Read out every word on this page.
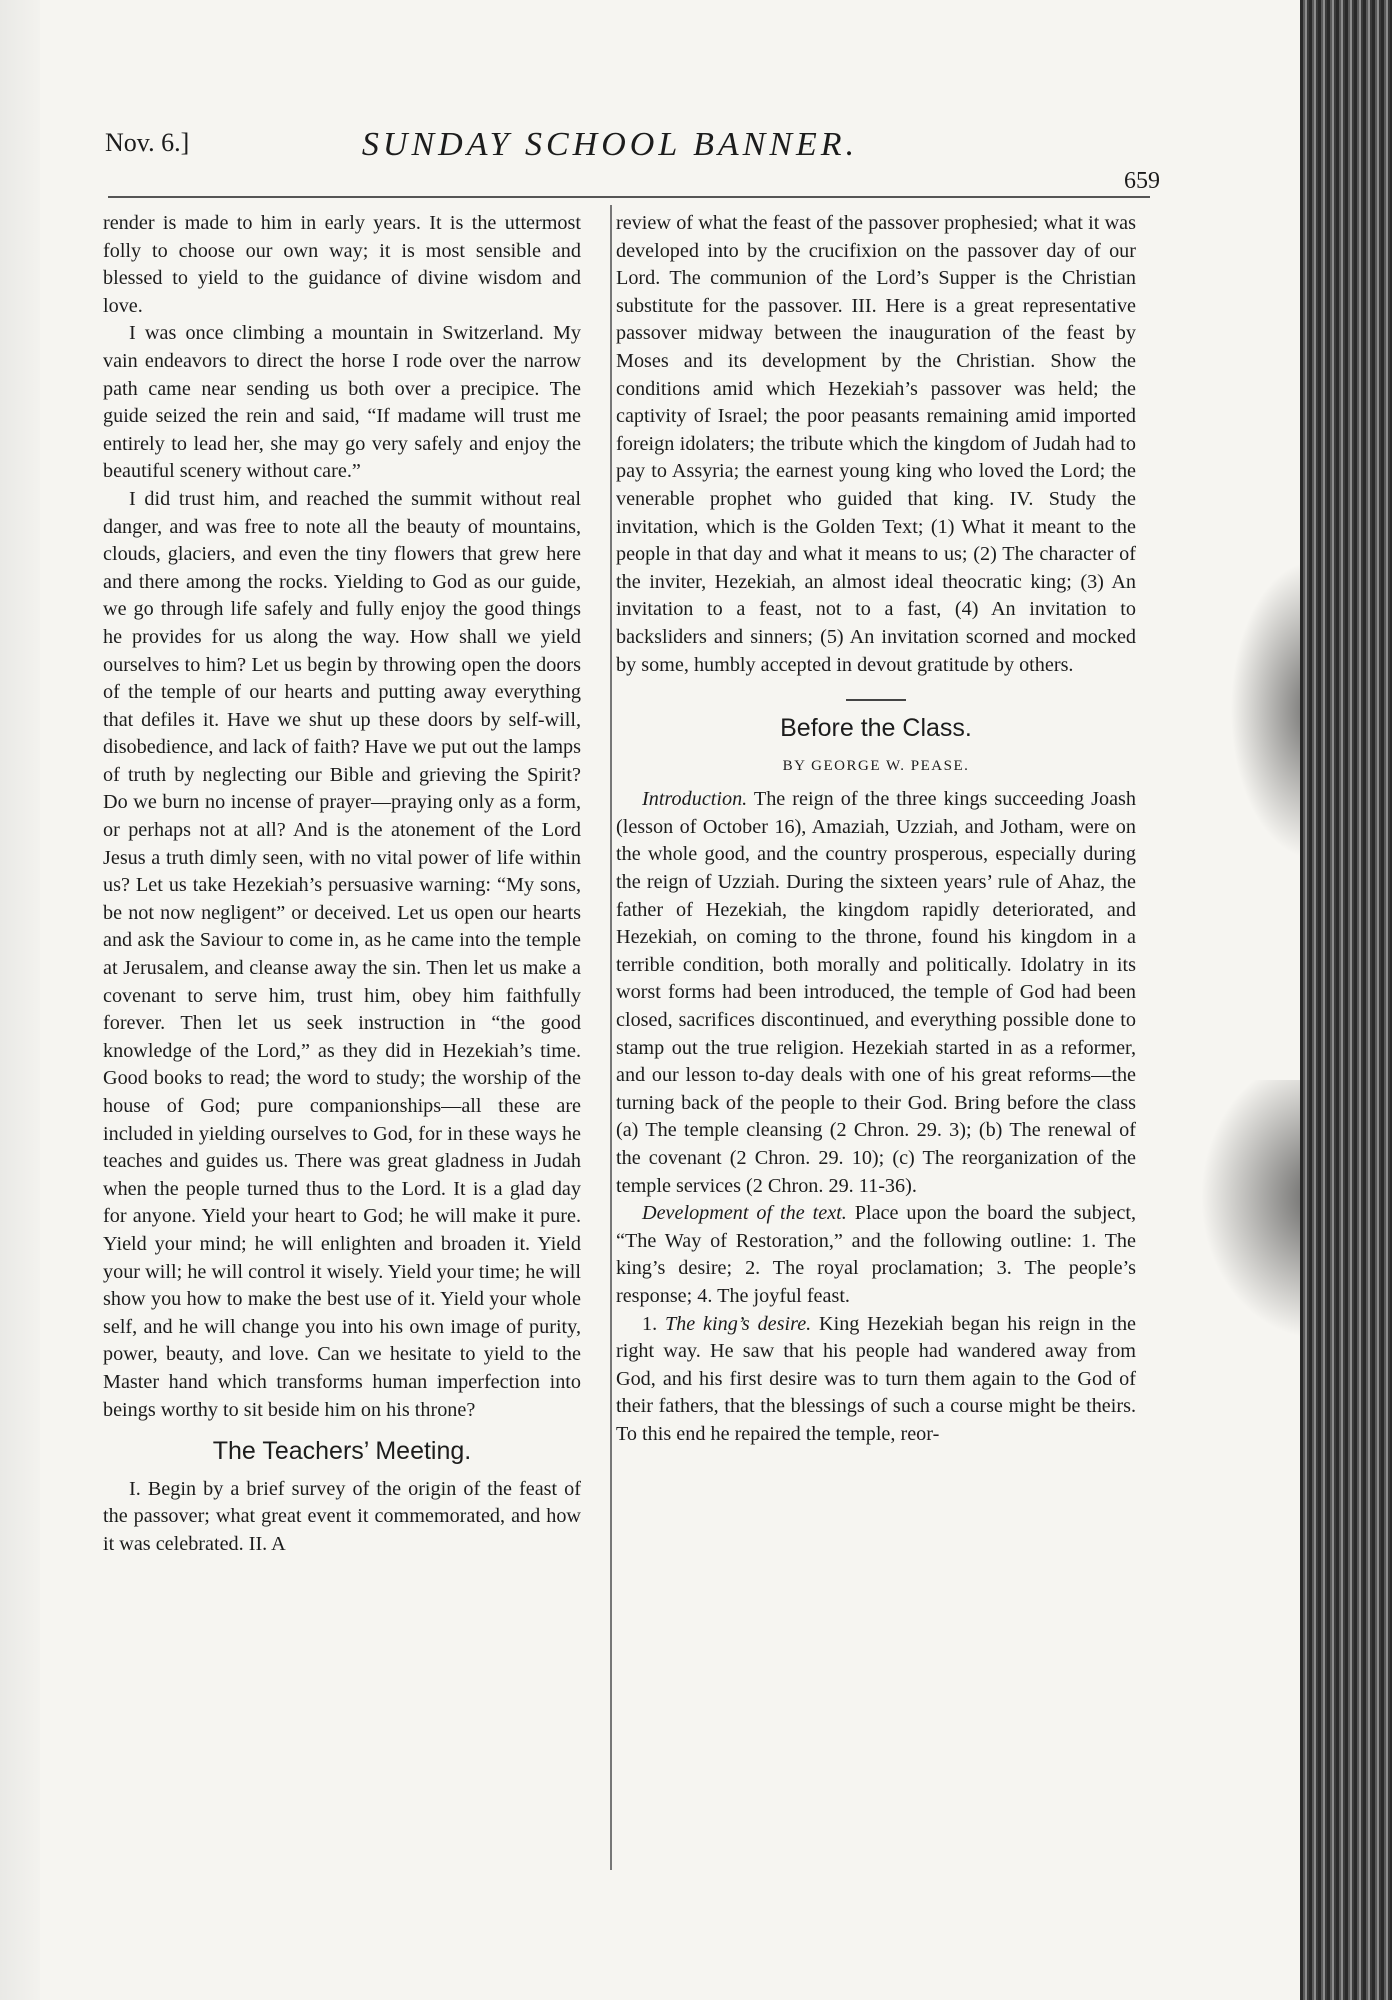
Nov. 6.]	SUNDAY SCHOOL BANNER.
659

render is made to him in early years. It is the uttermost folly to choose our own way; it is most sensible and blessed to yield to the guidance of divine wisdom and love.

I was once climbing a mountain in Switzerland. My vain endeavors to direct the horse I rode over the narrow path came near sending us both over a precipice. The guide seized the rein and said, “If madame will trust me entirely to lead her, she may go very safely and enjoy the beautiful scenery without care.”

I did trust him, and reached the summit without real danger, and was free to note all the beauty of mountains, clouds, glaciers, and even the tiny flowers that grew here and there among the rocks. Yielding to God as our guide, we go through life safely and fully enjoy the good things he provides for us along the way. How shall we yield ourselves to him? Let us begin by throwing open the doors of the temple of our hearts and putting away everything that defiles it. Have we shut up these doors by self-will, disobedience, and lack of faith? Have we put out the lamps of truth by neglecting our Bible and grieving the Spirit? Do we burn no incense of prayer—praying only as a form, or perhaps not at all? And is the atonement of the Lord Jesus a truth dimly seen, with no vital power of life within us? Let us take Hezekiah’s persuasive warning: “My sons, be not now negligent” or deceived. Let us open our hearts and ask the Saviour to come in, as he came into the temple at Jerusalem, and cleanse away the sin. Then let us make a covenant to serve him, trust him, obey him faithfully forever. Then let us seek instruction in “the good knowledge of the Lord,” as they did in Hezekiah’s time. Good books to read; the word to study; the worship of the house of God; pure companionships—all these are included in yielding ourselves to God, for in these ways he teaches and guides us. There was great gladness in Judah when the people turned thus to the Lord. It is a glad day for anyone. Yield your heart to God; he will make it pure. Yield your mind; he will enlighten and broaden it. Yield your will; he will control it wisely. Yield your time; he will show you how to make the best use of it. Yield your whole self, and he will change you into his own image of purity, power, beauty, and love. Can we hesitate to yield to the Master hand which transforms human imperfection into beings worthy to sit beside him on his throne?

The Teachers’ Meeting.

I. Begin by a brief survey of the origin of the feast of the passover; what great event it commemorated, and how it was celebrated. II. A

review of what the feast of the passover prophesied; what it was developed into by the crucifixion on the passover day of our Lord. The communion of the Lord’s Supper is the Christian substitute for the passover. III. Here is a great representative passover midway between the inauguration of the feast by Moses and its development by the Christian. Show the conditions amid which Hezekiah’s passover was held; the captivity of Israel; the poor peasants remaining amid imported foreign idolaters; the tribute which the kingdom of Judah had to pay to Assyria; the earnest young king who loved the Lord; the venerable prophet who guided that king. IV. Study the invitation, which is the Golden Text; (1) What it meant to the people in that day and what it means to us; (2) The character of the inviter, Hezekiah, an almost ideal theocratic king; (3) An invitation to a feast, not to a fast, (4) An invitation to backsliders and sinners; (5) An invitation scorned and mocked by some, humbly accepted in devout gratitude by others.

Before the Class.
BY GEORGE W. PEASE.

Introduction. The reign of the three kings succeeding Joash (lesson of October 16), Amaziah, Uzziah, and Jotham, were on the whole good, and the country prosperous, especially during the reign of Uzziah. During the sixteen years’ rule of Ahaz, the father of Hezekiah, the kingdom rapidly deteriorated, and Hezekiah, on coming to the throne, found his kingdom in a terrible condition, both morally and politically. Idolatry in its worst forms had been introduced, the temple of God had been closed, sacrifices discontinued, and everything possible done to stamp out the true religion. Hezekiah started in as a reformer, and our lesson to-day deals with one of his great reforms—the turning back of the people to their God. Bring before the class (a) The temple cleansing (2 Chron. 29. 3); (b) The renewal of the covenant (2 Chron. 29. 10); (c) The reorganization of the temple services (2 Chron. 29. 11-36).

Development of the text. Place upon the board the subject, “The Way of Restoration,” and the following outline: 1. The king’s desire; 2. The royal proclamation; 3. The people’s response; 4. The joyful feast.

1. The king’s desire. King Hezekiah began his reign in the right way. He saw that his people had wandered away from God, and his first desire was to turn them again to the God of their fathers, that the blessings of such a course might be theirs. To this end he repaired the temple, reor-
